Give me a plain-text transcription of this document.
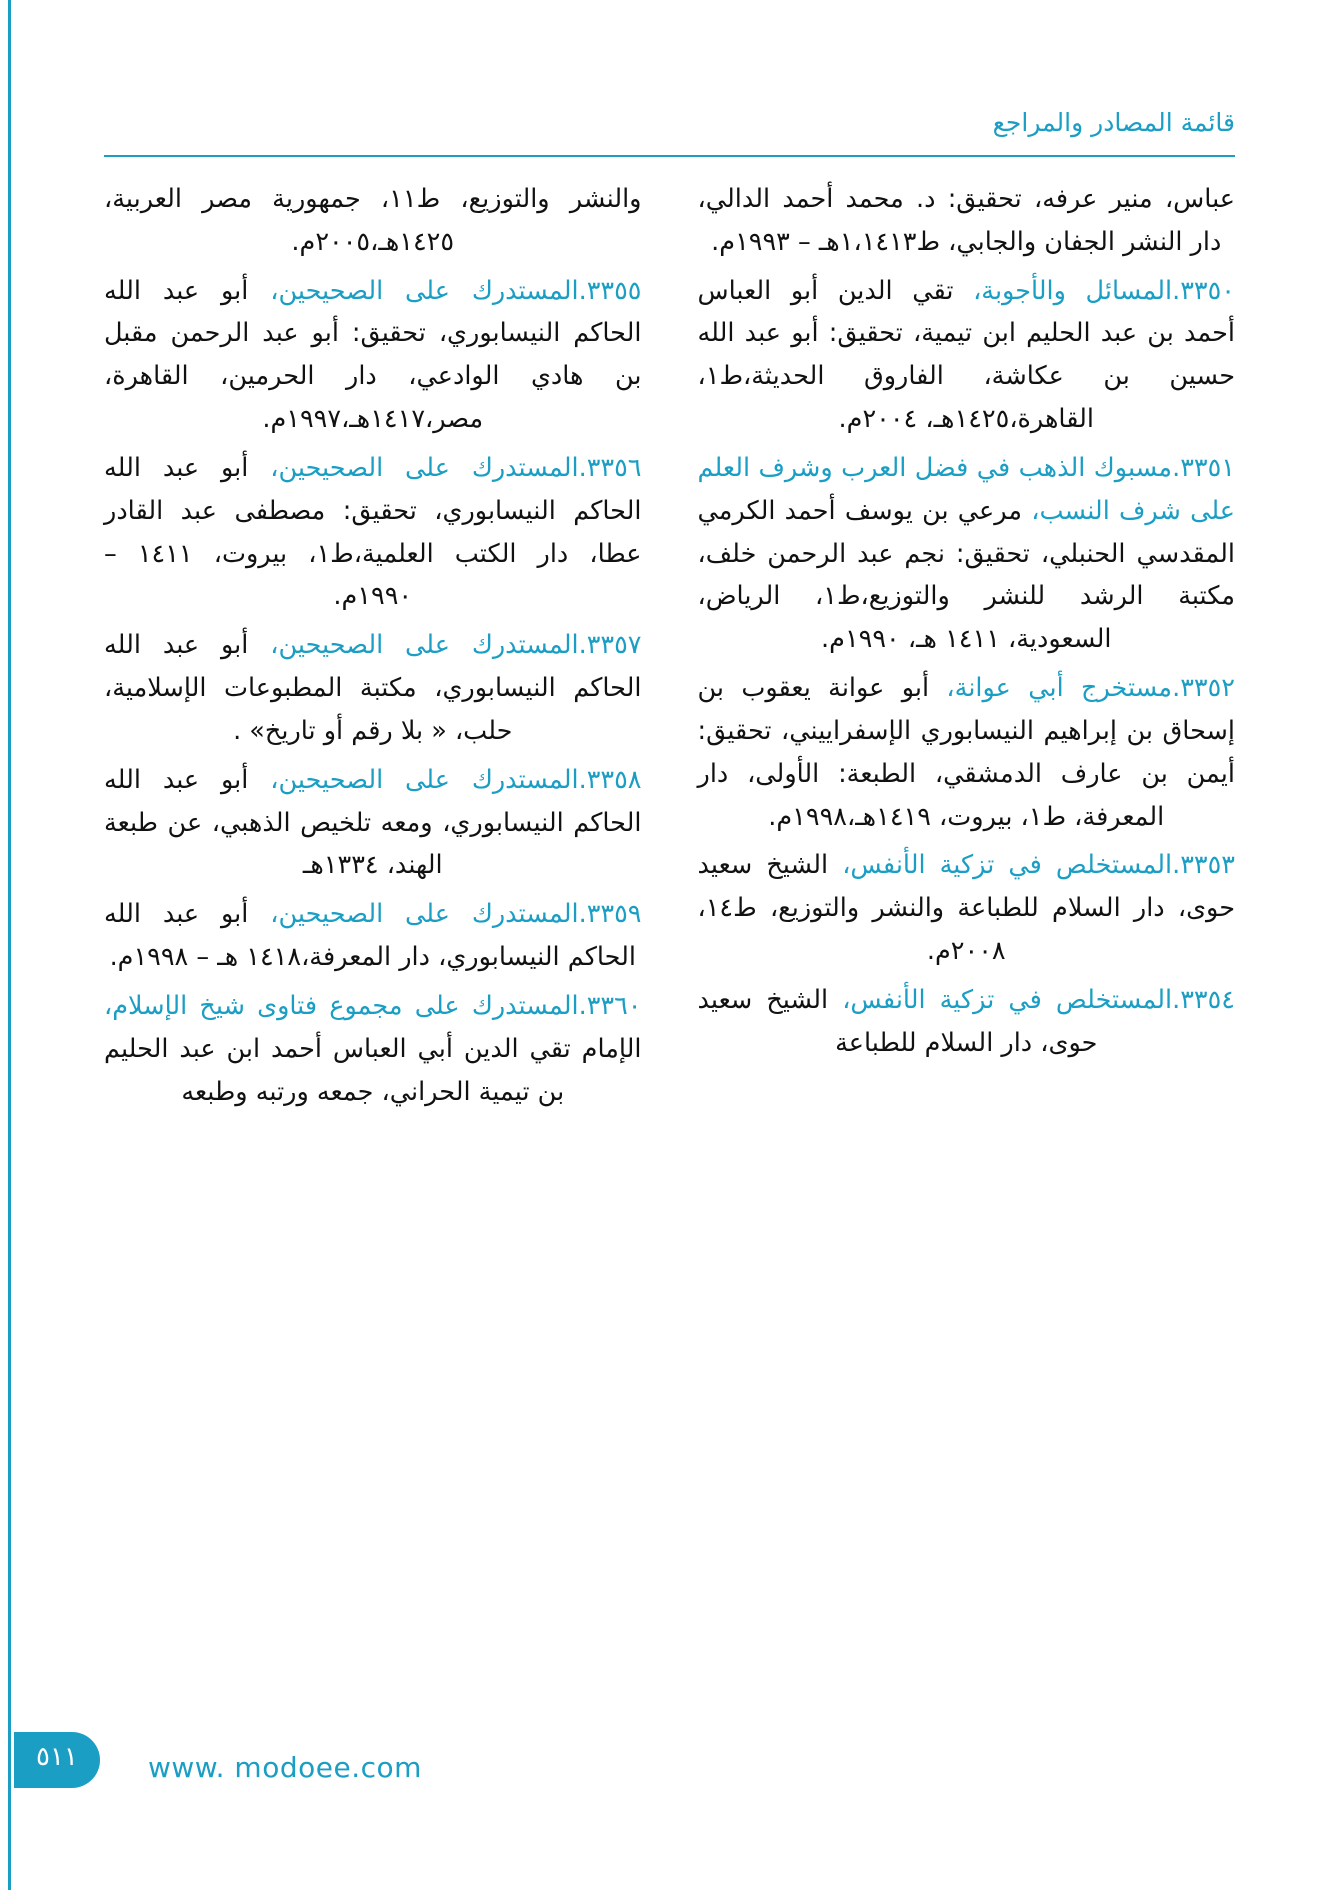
قائمة المصادر والمراجع
عباس، منير عرفه، تحقيق: د. محمد أحمد الدالي، دار النشر الجفان والجابي، ط١،١٤١٣هـ – ١٩٩٣م.
٣٣٥٠.المسائل والأجوبة، تقي الدين أبو العباس أحمد بن عبد الحليم ابن تيمية، تحقيق: أبو عبد الله حسين بن عكاشة، الفاروق الحديثة،ط١، القاهرة،١٤٢٥هـ، ٢٠٠٤م.
٣٣٥١.مسبوك الذهب في فضل العرب وشرف العلم على شرف النسب، مرعي بن يوسف أحمد الكرمي المقدسي الحنبلي، تحقيق: نجم عبد الرحمن خلف، مكتبة الرشد للنشر والتوزيع،ط١، الرياض، السعودية، ١٤١١ هـ، ١٩٩٠م.
٣٣٥٢.مستخرج أبي عوانة، أبو عوانة يعقوب بن إسحاق بن إبراهيم النيسابوري الإسفراييني، تحقيق: أيمن بن عارف الدمشقي، الطبعة: الأولى، دار المعرفة، ط١، بيروت، ١٤١٩هـ،١٩٩٨م.
٣٣٥٣.المستخلص في تزكية الأنفس، الشيخ سعيد حوى، دار السلام للطباعة والنشر والتوزيع، ط١٤، ٢٠٠٨م.
٣٣٥٤.المستخلص في تزكية الأنفس، الشيخ سعيد حوى، دار السلام للطباعة
والنشر والتوزيع، ط١١، جمهورية مصر العربية، ١٤٢٥هـ،٢٠٠٥م.
٣٣٥٥.المستدرك على الصحيحين، أبو عبد الله الحاكم النيسابوري، تحقيق: أبو عبد الرحمن مقبل بن هادي الوادعي، دار الحرمين، القاهرة، مصر،١٤١٧هـ،١٩٩٧م.
٣٣٥٦.المستدرك على الصحيحين، أبو عبد الله الحاكم النيسابوري، تحقيق: مصطفى عبد القادر عطا، دار الكتب العلمية،ط١، بيروت، ١٤١١ – ١٩٩٠م.
٣٣٥٧.المستدرك على الصحيحين، أبو عبد الله الحاكم النيسابوري، مكتبة المطبوعات الإسلامية، حلب، « بلا رقم أو تاريخ» .
٣٣٥٨.المستدرك على الصحيحين، أبو عبد الله الحاكم النيسابوري، ومعه تلخيص الذهبي، عن طبعة الهند، ١٣٣٤هـ
٣٣٥٩.المستدرك على الصحيحين، أبو عبد الله الحاكم النيسابوري، دار المعرفة،١٤١٨ هـ – ١٩٩٨م.
٣٣٦٠.المستدرك على مجموع فتاوى شيخ الإسلام، الإمام تقي الدين أبي العباس أحمد ابن عبد الحليم بن تيمية الحراني، جمعه ورتبه وطبعه
٥١١	www. modoee.com
